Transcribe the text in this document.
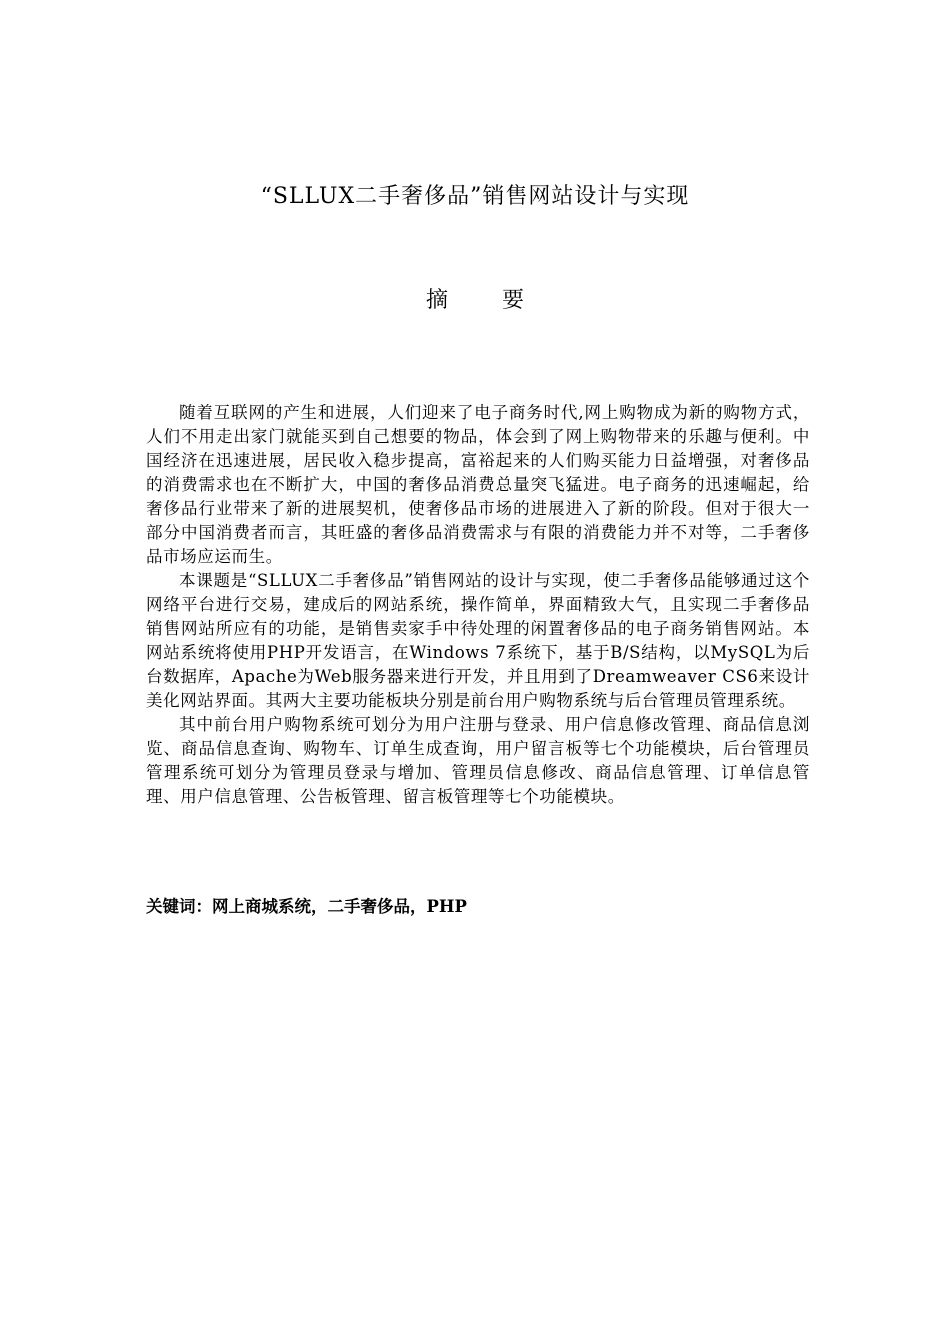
“SLLUX二手奢侈品”销售网站设计与实现
摘 要

随着互联网的产生和进展，人们迎来了电子商务时代,网上购物成为新的购物方式，人们不用走出家门就能买到自己想要的物品，体会到了网上购物带来的乐趣与便利。中国经济在迅速进展，居民收入稳步提高，富裕起来的人们购买能力日益增强，对奢侈品的消费需求也在不断扩大，中国的奢侈品消费总量突飞猛进。电子商务的迅速崛起，给奢侈品行业带来了新的进展契机，使奢侈品市场的进展进入了新的阶段。但对于很大一部分中国消费者而言，其旺盛的奢侈品消费需求与有限的消费能力并不对等，二手奢侈品市场应运而生。

本课题是“SLLUX二手奢侈品”销售网站的设计与实现，使二手奢侈品能够通过这个网络平台进行交易，建成后的网站系统，操作简单，界面精致大气，且实现二手奢侈品销售网站所应有的功能，是销售卖家手中待处理的闲置奢侈品的电子商务销售网站。本网站系统将使用PHP开发语言，在Windows 7系统下，基于B/S结构，以MySQL为后台数据库，Apache为Web服务器来进行开发，并且用到了Dreamweaver CS6来设计美化网站界面。其两大主要功能板块分别是前台用户购物系统与后台管理员管理系统。

其中前台用户购物系统可划分为用户注册与登录、用户信息修改管理、商品信息浏览、商品信息查询、购物车、订单生成查询，用户留言板等七个功能模块，后台管理员管理系统可划分为管理员登录与增加、管理员信息修改、商品信息管理、订单信息管理、用户信息管理、公告板管理、留言板管理等七个功能模块。

关键词：网上商城系统，二手奢侈品，PHP
